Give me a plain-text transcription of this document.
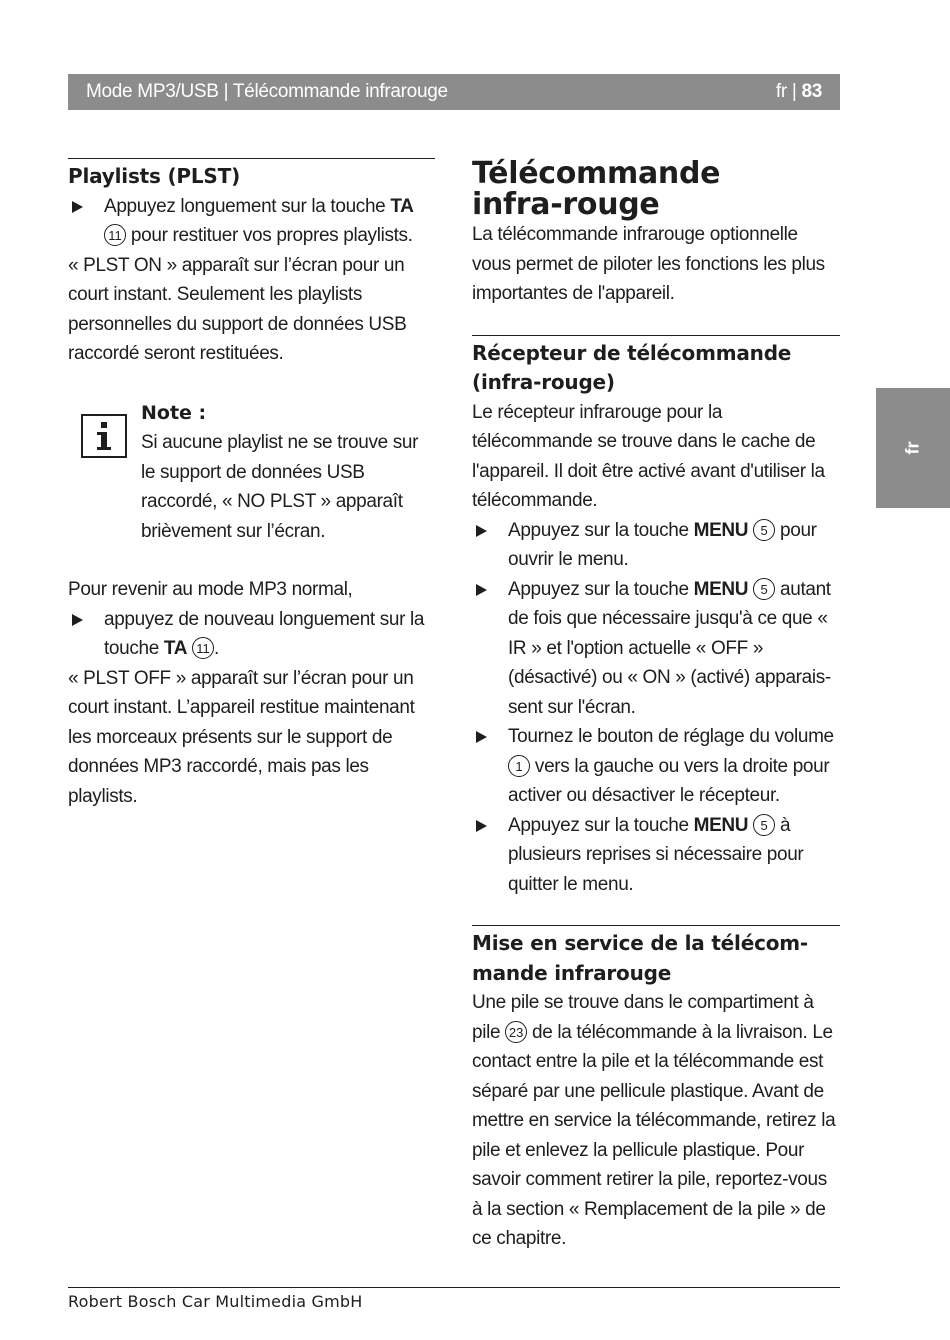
Mode MP3/USB | Télécommande infrarouge	fr | 83
fr
Playlists (PLST)

Appuyez longuement sur la touche TA 11 pour restituer vos propres playlists.

« PLST ON » apparaît sur l’écran pour un court instant. Seulement les playlists personnelles du support de données USB raccordé seront restituées.

Note :

Si aucune playlist ne se trouve sur le support de données USB raccordé, « NO PLST » apparaît brièvement sur l’écran.

Pour revenir au mode MP3 normal,

appuyez de nouveau longuement sur la touche TA 11 .

« PLST OFF » apparaît sur l’écran pour un court instant. L’appareil restitue maintenant les morceaux présents sur le support de données MP3 raccordé, mais pas les playlists.

Télécommande infra-rouge

La télécommande infrarouge optionnelle vous permet de piloter les fonctions les plus importantes de l'appareil.

Récepteur de télécommande (infra-rouge)

Le récepteur infrarouge pour la télécommande se trouve dans le cache de l'appareil. Il doit être activé avant d'utiliser la télécommande.

Appuyez sur la touche MENU 5 pour ouvrir le menu.

Appuyez sur la touche MENU 5 autant de fois que nécessaire jusqu'à ce que « IR » et l'option actuelle « OFF » (désactivé) ou « ON » (activé) apparais-sent sur l'écran.

Tournez le bouton de réglage du volume 1 vers la gauche ou vers la droite pour activer ou désactiver le récepteur.

Appuyez sur la touche MENU 5 à plusieurs reprises si nécessaire pour quitter le menu.

Mise en service de la télécom-mande infrarouge

Une pile se trouve dans le compartiment à pile 23 de la télécommande à la livraison. Le contact entre la pile et la télécommande est séparé par une pellicule plastique. Avant de mettre en service la télécommande, retirez la pile et enlevez la pellicule plastique. Pour savoir comment retirer la pile, reportez-vous à la section « Remplacement de la pile » de ce chapitre.

Robert Bosch Car Multimedia GmbH
